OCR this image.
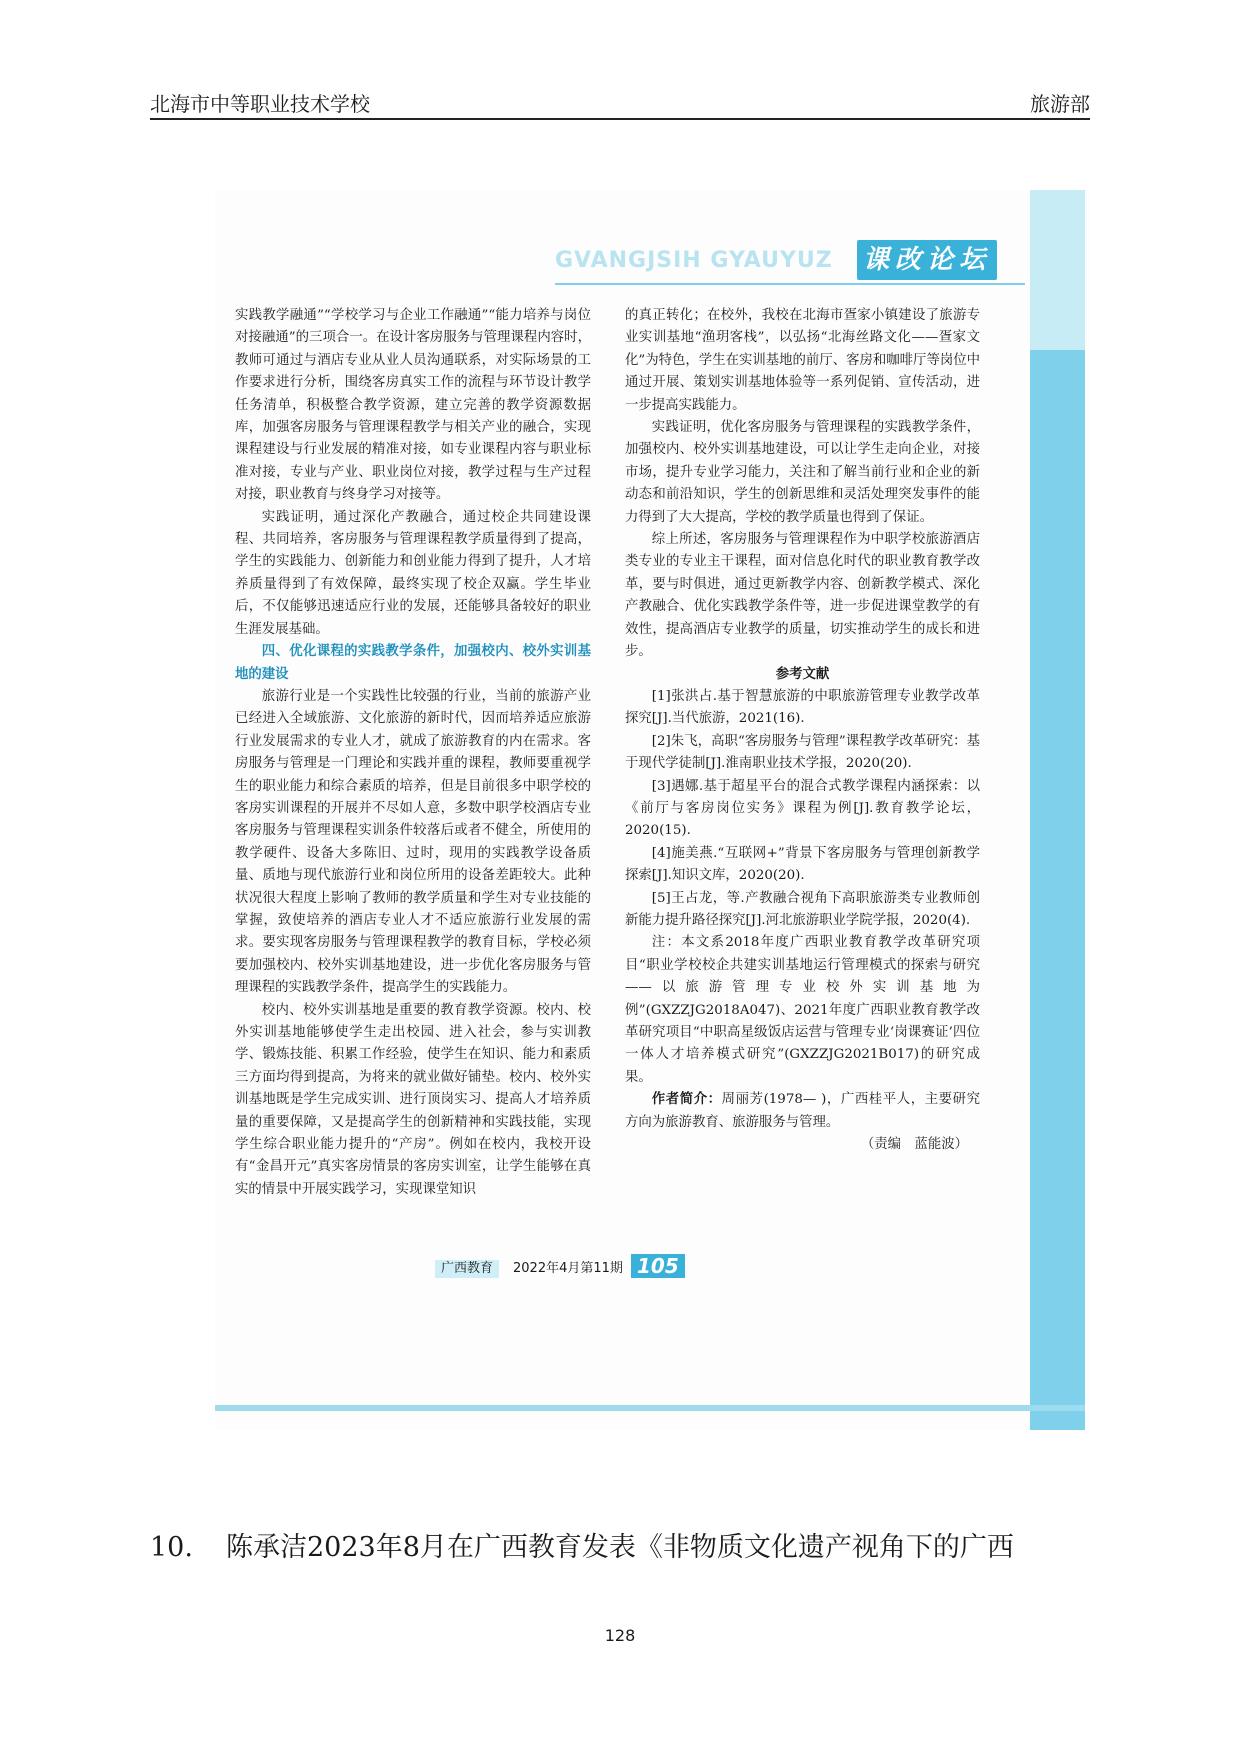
北海市中等职业技术学校	旅游部
GVANGJSIH GYAUYUZ 课改论坛

实践教学融通”“学校学习与企业工作融通”“能力培养与岗位对接融通”的三项合一。在设计客房服务与管理课程内容时，教师可通过与酒店专业从业人员沟通联系，对实际场景的工作要求进行分析，围绕客房真实工作的流程与环节设计教学任务清单，积极整合教学资源，建立完善的教学资源数据库，加强客房服务与管理课程教学与相关产业的融合，实现课程建设与行业发展的精准对接，如专业课程内容与职业标准对接，专业与产业、职业岗位对接，教学过程与生产过程对接，职业教育与终身学习对接等。

实践证明，通过深化产教融合，通过校企共同建设课程、共同培养，客房服务与管理课程教学质量得到了提高，学生的实践能力、创新能力和创业能力得到了提升，人才培养质量得到了有效保障，最终实现了校企双赢。学生毕业后，不仅能够迅速适应行业的发展，还能够具备较好的职业生涯发展基础。

四、优化课程的实践教学条件，加强校内、校外实训基地的建设

旅游行业是一个实践性比较强的行业，当前的旅游产业已经进入全域旅游、文化旅游的新时代，因而培养适应旅游行业发展需求的专业人才，就成了旅游教育的内在需求。客房服务与管理是一门理论和实践并重的课程，教师要重视学生的职业能力和综合素质的培养，但是目前很多中职学校的客房实训课程的开展并不尽如人意，多数中职学校酒店专业客房服务与管理课程实训条件较落后或者不健全，所使用的教学硬件、设备大多陈旧、过时，现用的实践教学设备质量、质地与现代旅游行业和岗位所用的设备差距较大。此种状况很大程度上影响了教师的教学质量和学生对专业技能的掌握，致使培养的酒店专业人才不适应旅游行业发展的需求。要实现客房服务与管理课程教学的教育目标，学校必须要加强校内、校外实训基地建设，进一步优化客房服务与管理课程的实践教学条件，提高学生的实践能力。

校内、校外实训基地是重要的教育教学资源。校内、校外实训基地能够使学生走出校园、进入社会，参与实训教学、锻炼技能、积累工作经验，使学生在知识、能力和素质三方面均得到提高，为将来的就业做好铺垫。校内、校外实训基地既是学生完成实训、进行顶岗实习、提高人才培养质量的重要保障，又是提高学生的创新精神和实践技能，实现学生综合职业能力提升的“产房”。例如在校内，我校开设有“金昌开元”真实客房情景的客房实训室，让学生能够在真实的情景中开展实践学习，实现课堂知识

的真正转化；在校外，我校在北海市疍家小镇建设了旅游专业实训基地“渔玥客栈”，以弘扬“北海丝路文化——疍家文化”为特色，学生在实训基地的前厅、客房和咖啡厅等岗位中通过开展、策划实训基地体验等一系列促销、宣传活动，进一步提高实践能力。

实践证明，优化客房服务与管理课程的实践教学条件，加强校内、校外实训基地建设，可以让学生走向企业，对接市场，提升专业学习能力，关注和了解当前行业和企业的新动态和前沿知识，学生的创新思维和灵活处理突发事件的能力得到了大大提高，学校的教学质量也得到了保证。

综上所述，客房服务与管理课程作为中职学校旅游酒店类专业的专业主干课程，面对信息化时代的职业教育教学改革，要与时俱进，通过更新教学内容、创新教学模式、深化产教融合、优化实践教学条件等，进一步促进课堂教学的有效性，提高酒店专业教学的质量，切实推动学生的成长和进步。

参考文献

[1]张洪占.基于智慧旅游的中职旅游管理专业教学改革探究[J].当代旅游，2021(16).

[2]朱飞，高职“客房服务与管理”课程教学改革研究：基于现代学徒制[J].淮南职业技术学报，2020(20).

[3]遇娜.基于超星平台的混合式教学课程内涵探索：以《前厅与客房岗位实务》课程为例[J].教育教学论坛，2020(15).

[4]施美燕.“互联网+”背景下客房服务与管理创新教学探索[J].知识文库，2020(20).

[5]王占龙，等.产教融合视角下高职旅游类专业教师创新能力提升路径探究[J].河北旅游职业学院学报，2020(4).

注：本文系2018年度广西职业教育教学改革研究项目“职业学校校企共建实训基地运行管理模式的探索与研究——以旅游管理专业校外实训基地为例”(GXZZJG2018A047)、2021年度广西职业教育教学改革研究项目“中职高星级饭店运营与管理专业‘岗课赛证’四位一体人才培养模式研究”(GXZZJG2021B017)的研究成果。

作者简介：周丽芳(1978— )，广西桂平人，主要研究方向为旅游教育、旅游服务与管理。

（责编　蓝能波）

广西教育	2022年4月第11期 105
10. 陈承洁2023年8月在广西教育发表《非物质文化遗产视角下的广西
128
